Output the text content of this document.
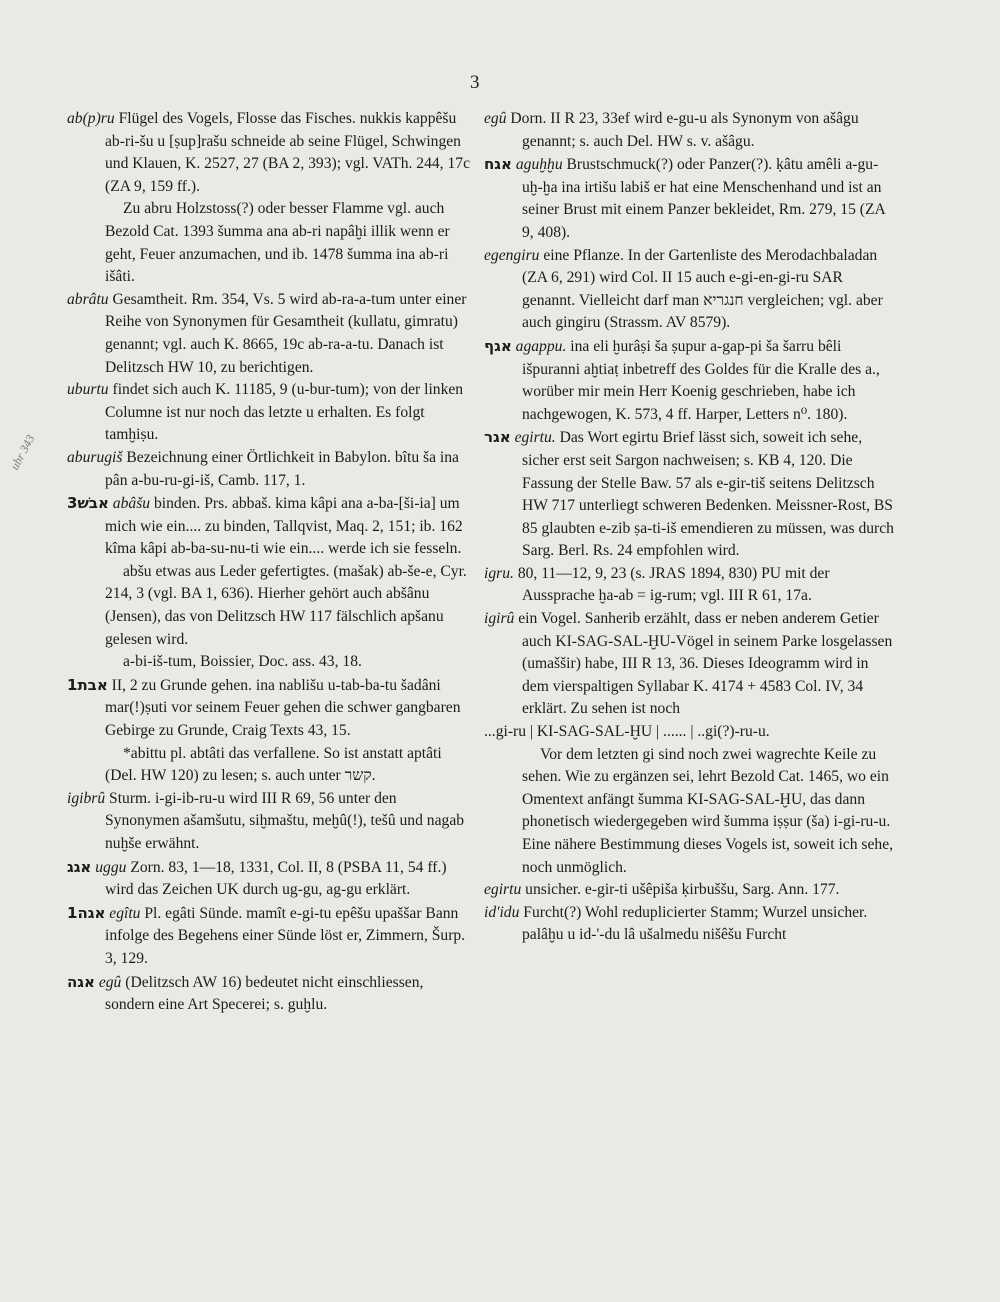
3
ubr 343

ab(p)ru Flügel des Vogels, Flosse das Fisches. nukkis kappêšu ab-ri-šu u [ṣup]rašu schneide ab seine Flügel, Schwingen und Klauen, K. 2527, 27 (BA 2, 393); vgl. VATh. 244, 17c (ZA 9, 159 ff.).

Zu abru Holzstoss(?) oder besser Flamme vgl. auch Bezold Cat. 1393 šumma ana ab-ri napâḫi illik wenn er geht, Feuer anzumachen, und ib. 1478 šumma ina ab-ri išâti.

abrâtu Gesamtheit. Rm. 354, Vs. 5 wird ab-ra-a-tum unter einer Reihe von Synonymen für Gesamtheit (kullatu, gimratu) genannt; vgl. auch K. 8665, 19c ab-ra-a-tu. Danach ist Delitzsch HW 10, zu berichtigen.

uburtu findet sich auch K. 11185, 9 (u-bur-tum); von der linken Columne ist nur noch das letzte u erhalten. Es folgt tamḫiṣu.

aburugiš Bezeichnung einer Örtlichkeit in Babylon. bîtu ša ina pân a-bu-ru-gi-iš, Camb. 117, 1.

אבשׁ3 abâšu binden. Prs. abbaš. kima kâpi ana a-ba-[ši-ia] um mich wie ein.... zu binden, Tallqvist, Maq. 2, 151; ib. 162 kîma kâpi ab-ba-su-nu-ti wie ein.... werde ich sie fesseln.

abšu etwas aus Leder gefertigtes. (mašak) ab-še-e, Cyr. 214, 3 (vgl. BA 1, 636). Hierher gehört auch abšânu (Jensen), das von Delitzsch HW 117 fälschlich apšanu gelesen wird.

a-bi-iš-tum, Boissier, Doc. ass. 43, 18.

אבת1 II, 2 zu Grunde gehen. ina nablišu u-tab-ba-tu šadâni mar(!)ṣuti vor seinem Feuer gehen die schwer gangbaren Gebirge zu Grunde, Craig Texts 43, 15.

*abittu pl. abtâti das verfallene. So ist anstatt aptâti (Del. HW 120) zu lesen; s. auch unter קשר.

igibrû Sturm. i-gi-ib-ru-u wird III R 69, 56 unter den Synonymen ašamšutu, siḫmaštu, meḫû(!), tešû und nagab nuḫše erwähnt.

אגג uggu Zorn. 83, 1—18, 1331, Col. II, 8 (PSBA 11, 54 ff.) wird das Zeichen UK durch ug-gu, ag-gu erklärt.

אגה1 egîtu Pl. egâti Sünde. mamît e-gi-tu epêšu upaššar Bann infolge des Begehens einer Sünde löst er, Zimmern, Šurp. 3, 129.

אגה egû (Delitzsch AW 16) bedeutet nicht einschliessen, sondern eine Art Specerei; s. guḫlu.

egû Dorn. II R 23, 33ef wird e-gu-u als Synonym von ašâgu genannt; s. auch Del. HW s. v. ašâgu.

אגח aguḫḫu Brustschmuck(?) oder Panzer(?). ḳâtu amêli a-gu-uḫ-ḫa ina irtišu labiš er hat eine Menschenhand und ist an seiner Brust mit einem Panzer bekleidet, Rm. 279, 15 (ZA 9, 408).

egengiru eine Pflanze. In der Gartenliste des Merodachbaladan (ZA 6, 291) wird Col. II 15 auch e-gi-en-gi-ru SAR genannt. Vielleicht darf man חנגריא vergleichen; vgl. aber auch gingiru (Strassm. AV 8579).

אגף agappu. ina eli ḫurâṣi ša ṣupur a-gap-pi ša šarru bêli išpuranni aḫtiaṭ inbetreff des Goldes für die Kralle des a., worüber mir mein Herr Koenig geschrieben, habe ich nachgewogen, K. 573, 4 ff. Harper, Letters n⁰. 180).

אגר egirtu. Das Wort egirtu Brief lässt sich, soweit ich sehe, sicher erst seit Sargon nachweisen; s. KB 4, 120. Die Fassung der Stelle Baw. 57 als e-gir-tiš seitens Delitzsch HW 717 unterliegt schweren Bedenken. Meissner-Rost, BS 85 glaubten e-zib ṣa-ti-iš emendieren zu müssen, was durch Sarg. Berl. Rs. 24 empfohlen wird.

igru. 80, 11—12, 9, 23 (s. JRAS 1894, 830) PU mit der Aussprache ḫa-ab = ig-rum; vgl. III R 61, 17a.

igirû ein Vogel. Sanherib erzählt, dass er neben anderem Getier auch KI-SAG-SAL-ḪU-Vögel in seinem Parke losgelassen (umaššir) habe, III R 13, 36. Dieses Ideogramm wird in dem vierspaltigen Syllabar K. 4174 + 4583 Col. IV, 34 erklärt. Zu sehen ist noch

...gi-ru | KI-SAG-SAL-ḪU | ...... | ..gi(?)-ru-u.

Vor dem letzten gi sind noch zwei wagrechte Keile zu sehen. Wie zu ergänzen sei, lehrt Bezold Cat. 1465, wo ein Omentext anfängt šumma KI-SAG-SAL-ḪU, das dann phonetisch wiedergegeben wird šumma iṣṣur (ša) i-gi-ru-u. Eine nähere Bestimmung dieses Vogels ist, soweit ich sehe, noch unmöglich.

egirtu unsicher. e-gir-ti ušêpiša ḳirbuššu, Sarg. Ann. 177.

id'idu Furcht(?) Wohl reduplicierter Stamm; Wurzel unsicher. palâḫu u id-'-du lâ ušalmedu nišêšu Furcht
